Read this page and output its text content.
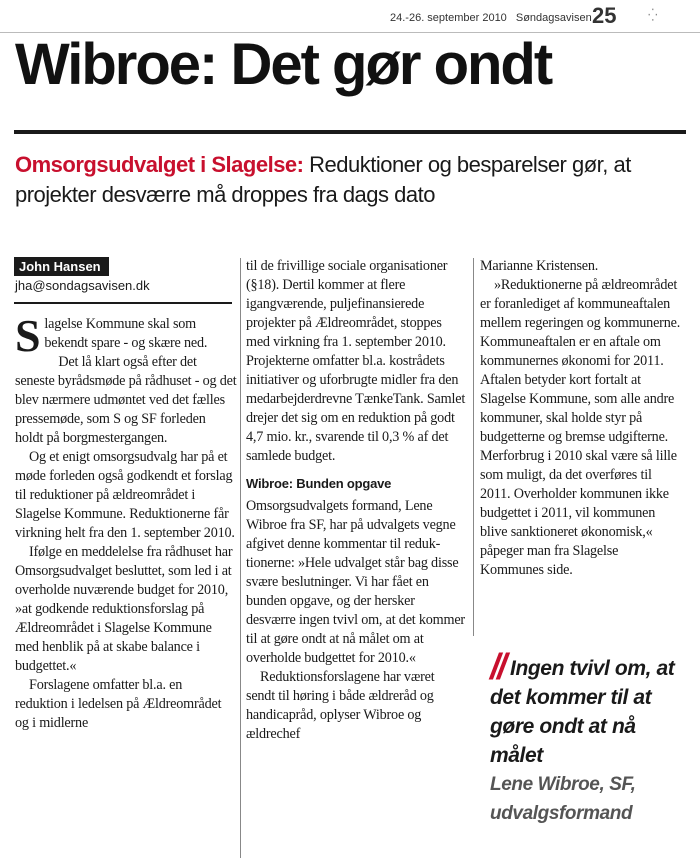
24.-26. september 2010 Søndagsavisen 25	⁛
Wibroe: Det gør ondt
Omsorgsudvalget i Slagelse: Reduktioner og besparelser gør, at projekter desværre må droppes fra dags dato
John Hansen
jha@sondagsavisen.dk

Slagelse Kommune skal som bekendt spare - og skære ned.

Det lå klart også efter det seneste byrådsmøde på rådhuset - og det blev nærmere udmøntet ved det fælles pressemøde, som S og SF forleden holdt på borgmestergangen.

Og et enigt omsorgsudvalg har på et møde forleden også godkendt et forslag til reduktioner på ældreområdet i Slagelse Kommune. Reduktionerne får virkning helt fra den 1. september 2010.

Ifølge en meddelelse fra rådhuset har Omsorgsudvalget besluttet, som led i at overholde nuværende budget for 2010, »at godkende reduktionsforslag på Ældreområdet i Slagelse Kommune med henblik på at skabe balance i budgettet.«

Forslagene omfatter bl.a. en reduktion i ledelsen på Ældreområdet og i midlerne

til de frivillige sociale organisationer (§18). Dertil kommer at flere igangværende, puljefinansierede projekter på Ældreområdet, stoppes med virkning fra 1. september 2010. Projekterne omfatter bl.a. kostrådets initiativer og uforbrugte midler fra den medarbejderdrevne TænkeTank. Samlet drejer det sig om en reduktion på godt 4,7 mio. kr., svarende til 0,3 % af det samlede budget.

Wibroe: Bunden opgave

Omsorgsudvalgets formand, Lene Wibroe fra SF, har på udvalgets vegne afgivet denne kommentar til reduktionerne: »Hele udvalget står bag disse svære beslutninger. Vi har fået en bunden opgave, og der hersker desværre ingen tvivl om, at det kommer til at gøre ondt at nå målet om at overholde budgettet for 2010.«

Reduktionsforslagene har været sendt til høring i både ældreråd og handicapråd, oplyser Wibroe og ældrechef

Marianne Kristensen.

»Reduktionerne på ældreområdet er foranlediget af kommuneaftalen mellem regeringen og kommunerne. Kommuneaftalen er en aftale om kommunernes økonomi for 2011. Aftalen betyder kort fortalt at Slagelse Kommune, som alle andre kommuner, skal holde styr på budgetterne og bremse udgifterne. Merforbrug i 2010 skal være så lille som muligt, da det overføres til 2011. Overholder kommunen ikke budgettet i 2011, vil kommunen blive sanktioneret økonomisk,« påpeger man fra Slagelse Kommunes side.

// Ingen tvivl om, at det kommer til at gøre ondt at nå målet
Lene Wibroe, SF, udvalgsformand
